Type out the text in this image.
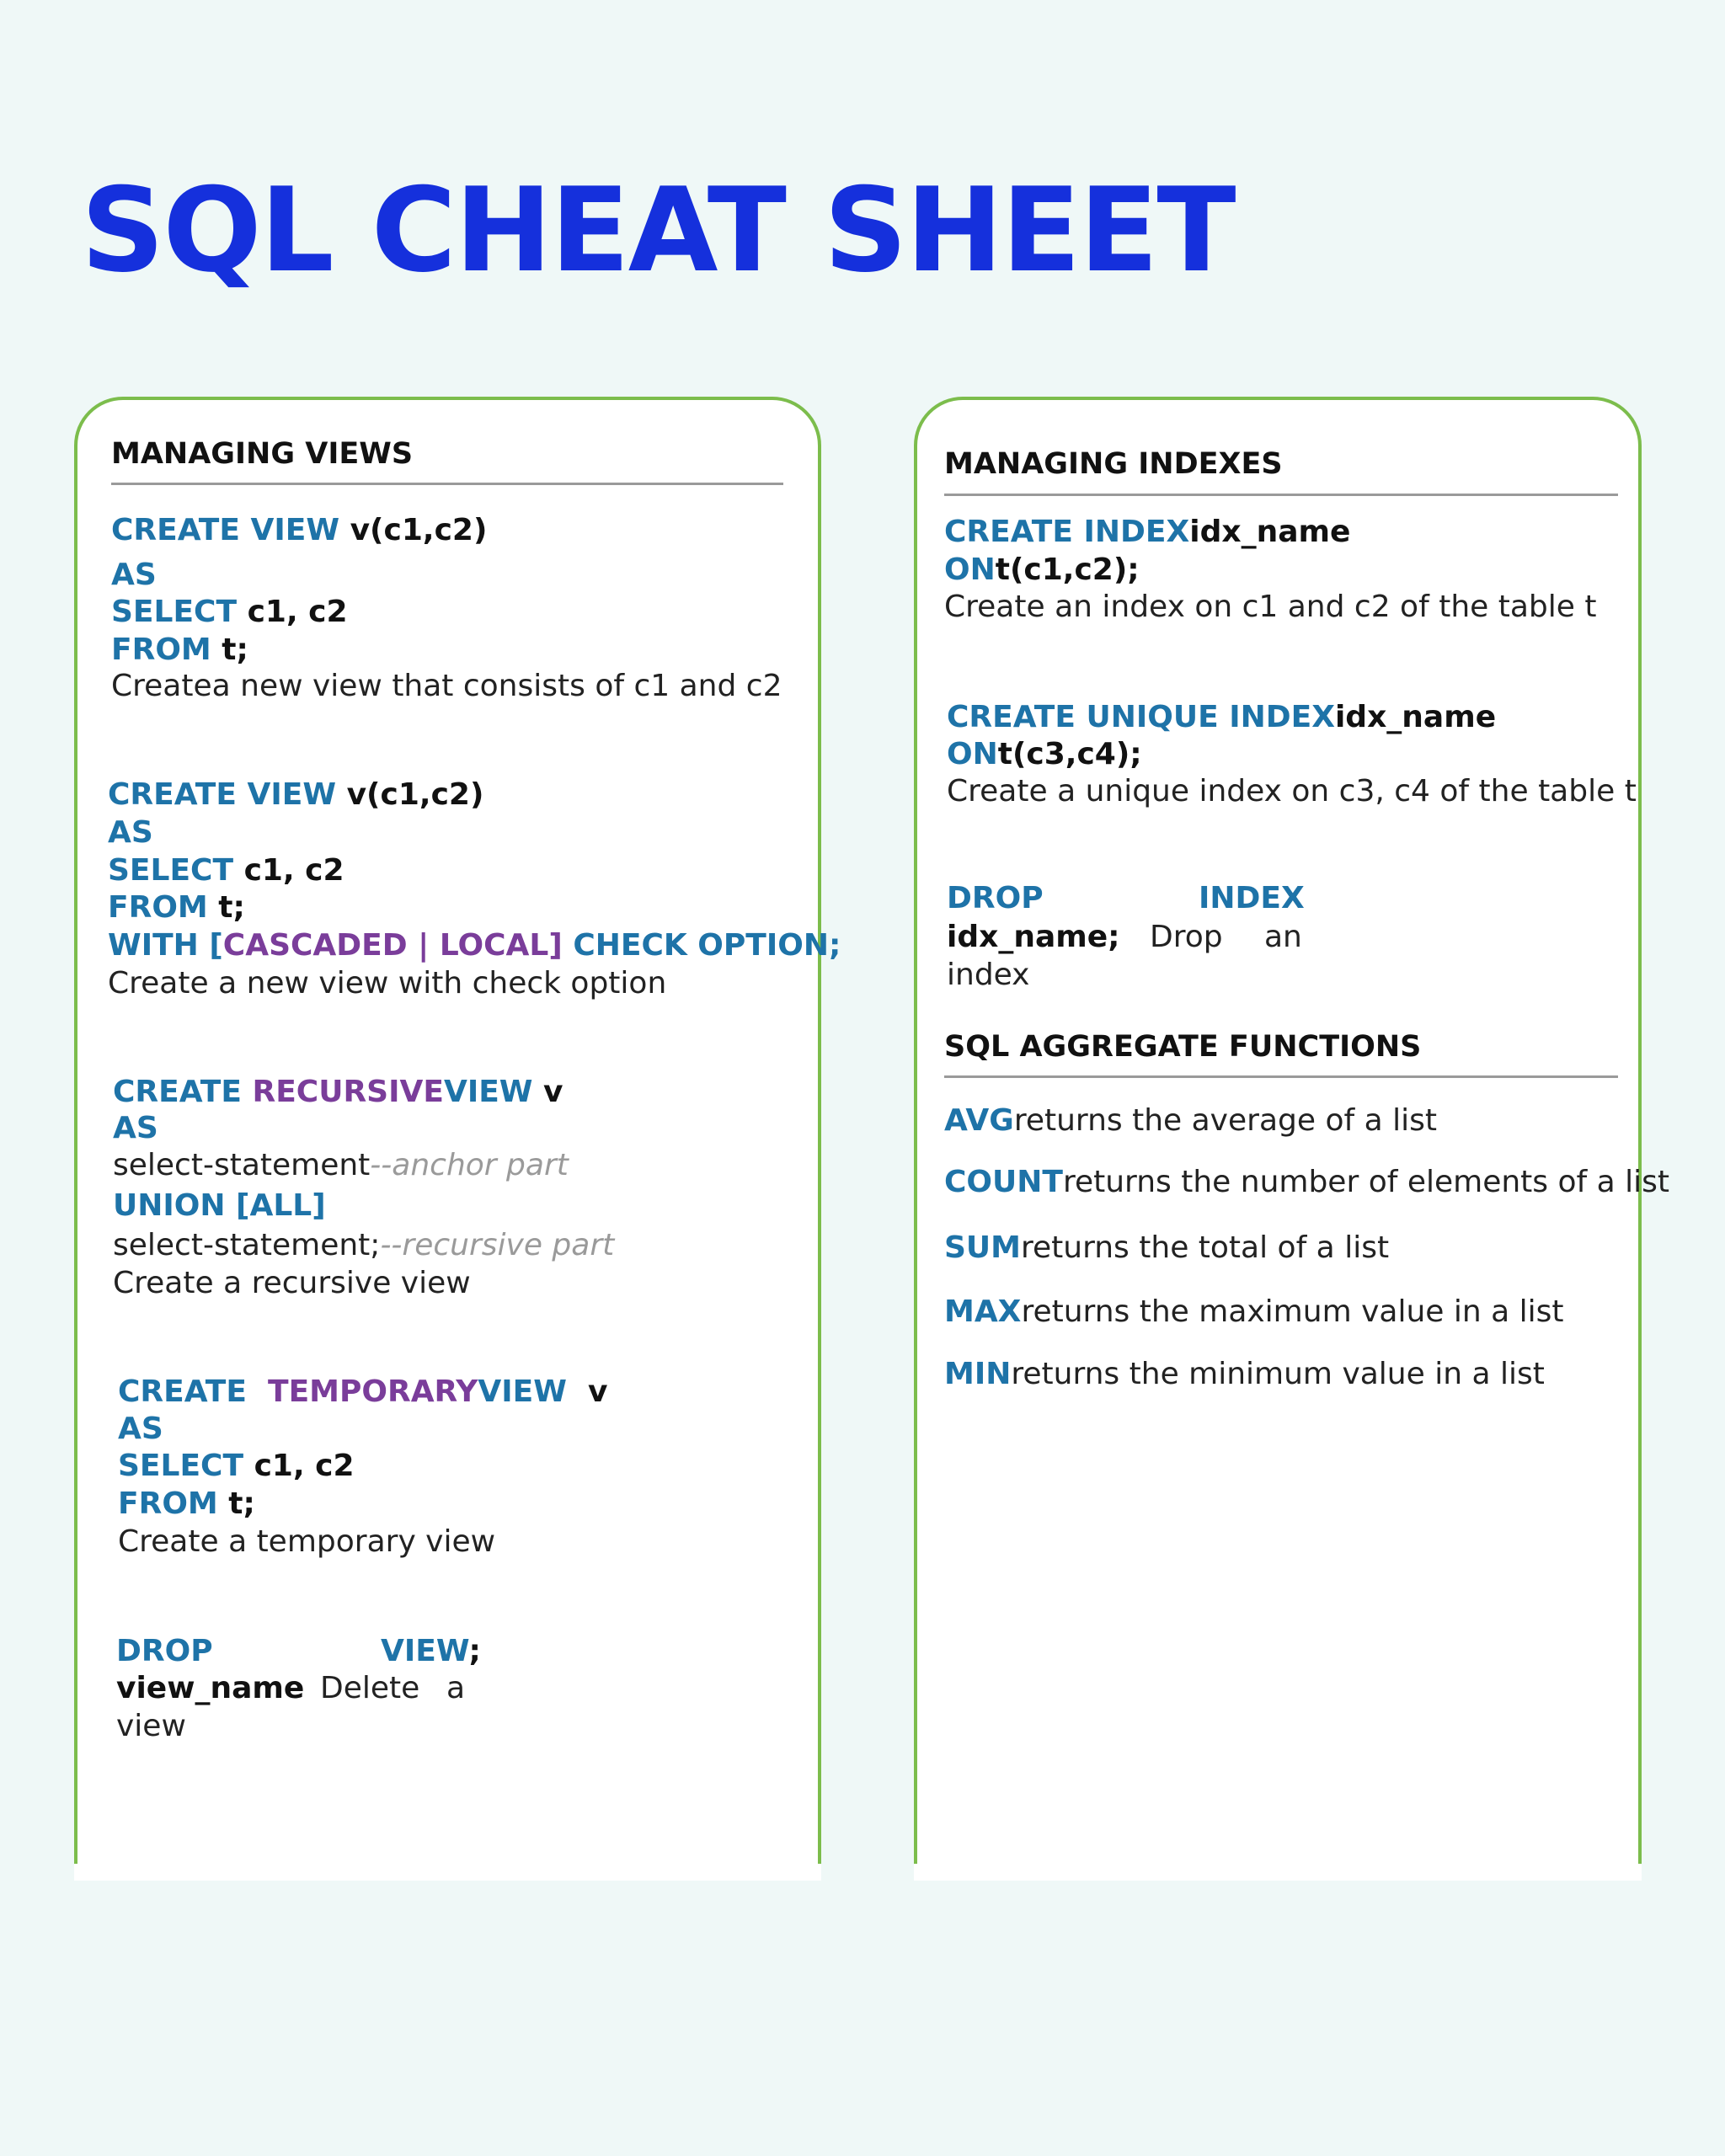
SQL CHEAT SHEET
MANAGING VIEWS
CREATE VIEW v(c1,c2)
AS
SELECT c1, c2
FROM t;
Createa new view that consists of c1 and c2
CREATE VIEW v(c1,c2)
AS
SELECT c1, c2
FROM t;
WITH [CASCADED | LOCAL] CHECK OPTION;
Create a new view with check option
CREATE RECURSIVEVIEW v
AS
select-statement--anchor part
UNION [ALL]
select-statement;--recursive part
Create a recursive view
CREATE  TEMPORARYVIEW  v
AS
SELECT c1, c2
FROM t;
Create a temporary view
DROP	VIEW;
view_name Delete a
view
MANAGING INDEXES
CREATE INDEXidx_name
ONt(c1,c2);
Create an index on c1 and c2 of the table t
CREATE UNIQUE INDEXidx_name
ONt(c3,c4);
Create a unique index on c3, c4 of the table t
DROP	INDEX
idx_name; Drop an
index
SQL AGGREGATE FUNCTIONS
AVGreturns the average of a list
COUNTreturns the number of elements of a list
SUMreturns the total of a list
MAXreturns the maximum value in a list
MINreturns the minimum value in a list
